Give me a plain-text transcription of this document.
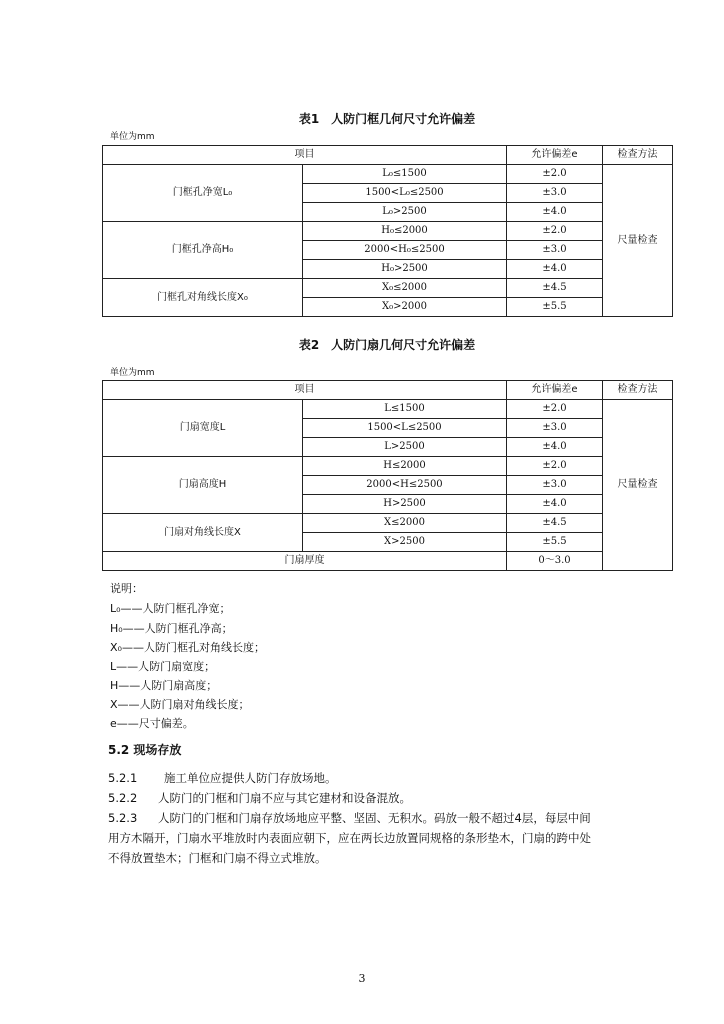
表1　人防门框几何尺寸允许偏差
单位为mm
项目		允许偏差e	检查方法
门框孔净宽L₀	L₀≤1500	±2.0	尺量检查
	1500<L₀≤2500	±3.0	
	L₀>2500	±4.0	
门框孔净高H₀	H₀≤2000	±2.0	
	2000<H₀≤2500	±3.0	
	H₀>2500	±4.0	
门框孔对角线长度X₀	X₀≤2000	±4.5	
	X₀>2000	±5.5	
表2　人防门扇几何尺寸允许偏差
单位为mm
项目		允许偏差e	检查方法
门扇宽度L	L≤1500	±2.0	尺量检查
	1500<L≤2500	±3.0	
	L>2500	±4.0	
门扇高度H	H≤2000	±2.0	
	2000<H≤2500	±3.0	
	H>2500	±4.0	
门扇对角线长度X	X≤2000	±4.5	
	X>2500	±5.5	
门扇厚度		0～3.0	
说明：
L₀——人防门框孔净宽；
H₀——人防门框孔净高；
X₀——人防门框孔对角线长度；
L——人防门扇宽度；
H——人防门扇高度；
X——人防门扇对角线长度；
e——尺寸偏差。
5.2 现场存放
5.2.1 施工单位应提供人防门存放场地。
5.2.2 人防门的门框和门扇不应与其它建材和设备混放。
5.2.3 人防门的门框和门扇存放场地应平整、坚固、无积水。码放一般不超过4层，每层中间
用方木隔开，门扇水平堆放时内表面应朝下，应在两长边放置同规格的条形垫木，门扇的跨中处
不得放置垫木；门框和门扇不得立式堆放。
3
